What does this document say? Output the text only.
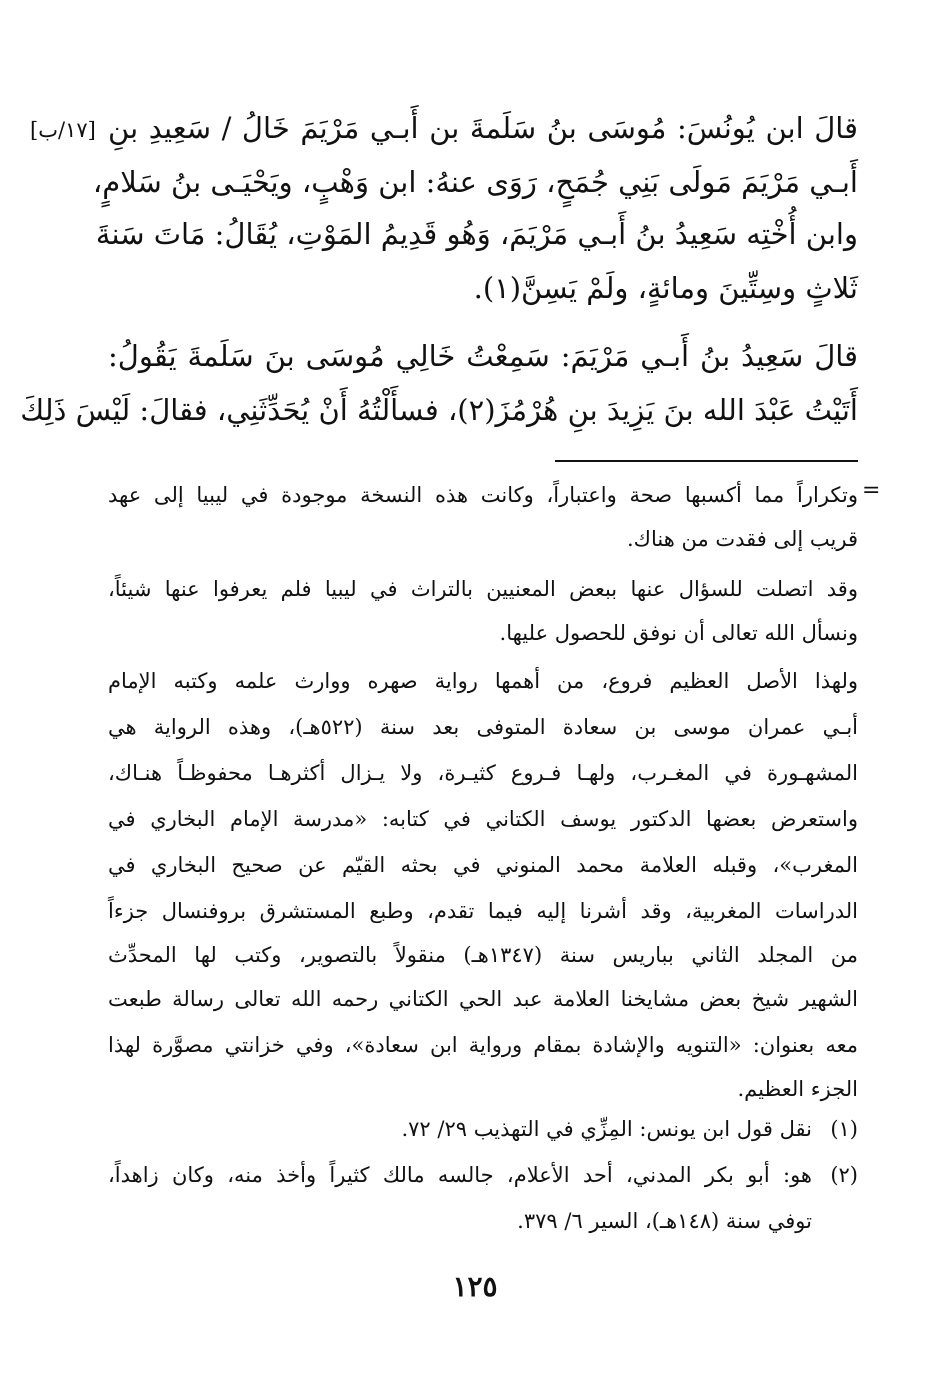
[١٧/ب] قالَ ابن يُونُسَ: مُوسَى بنُ سَلَمةَ بن أَبـي مَرْيَمَ خَالُ / سَعِيدِ بنِ
أَبـي مَرْيَمَ مَولَى بَنِي جُمَحٍ، رَوَى عنهُ: ابن وَهْبٍ، ويَحْيَـى بنُ سَلامٍ،
وابن أُخْتِه سَعِيدُ بنُ أَبـي مَرْيَمَ، وَهُو قَدِيمُ المَوْتِ، يُقَالُ: مَاتَ سَنةَ
ثَلاثٍ وسِتِّينَ ومائةٍ، ولَمْ يَسِنَّ(١).
قالَ سَعِيدُ بنُ أَبـي مَرْيَمَ: سَمِعْتُ خَالِي مُوسَى بنَ سَلَمةَ يَقُولُ:
أَتَيْتُ عَبْدَ الله بنَ يَزِيدَ بنِ هُرْمُزَ(٢)، فسأَلْتُهُ أَنْ يُحَدِّثَنِي، فقالَ: لَيْسَ ذَلِكَ
=
وتكراراً مما أكسبها صحة واعتباراً، وكانت هذه النسخة موجودة في ليبيا إلى عهد
قريب إلى فقدت من هناك.
وقد اتصلت للسؤال عنها ببعض المعنيين بالتراث في ليبيا فلم يعرفوا عنها شيئاً،
ونسأل الله تعالى أن نوفق للحصول عليها.
ولهذا الأصل العظيم فروع، من أهمها رواية صهره ووارث علمه وكتبه الإمام
أبـي عمران موسى بن سعادة المتوفى بعد سنة (٥٢٢هـ)، وهذه الرواية هي
المشهـورة في المغـرب، ولهـا فـروع كثيـرة، ولا يـزال أكثرهـا محفوظـاً هنـاك،
واستعرض بعضها الدكتور يوسف الكتاني في كتابه: «مدرسة الإمام البخاري في
المغرب»، وقبله العلامة محمد المنوني في بحثه القيّم عن صحيح البخاري في
الدراسات المغربية، وقد أشرنا إليه فيما تقدم، وطبع المستشرق بروفنسال جزءاً
من المجلد الثاني بباريس سنة (١٣٤٧هـ) منقولاً بالتصوير، وكتب لها المحدِّث
الشهير شيخ بعض مشايخنا العلامة عبد الحي الكتاني رحمه الله تعالى رسالة طبعت
معه بعنوان: «التنويه والإشادة بمقام ورواية ابن سعادة»، وفي خزانتي مصوَّرة لهذا
الجزء العظيم.
(١)
نقل قول ابن يونس: المِزِّي في التهذيب ٢٩/ ٧٢.
(٢)
هو: أبو بكر المدني، أحد الأعلام، جالسه مالك كثيراً وأخذ منه، وكان زاهداً،
توفي سنة (١٤٨هـ)، السير ٦/ ٣٧٩.
١٢٥
